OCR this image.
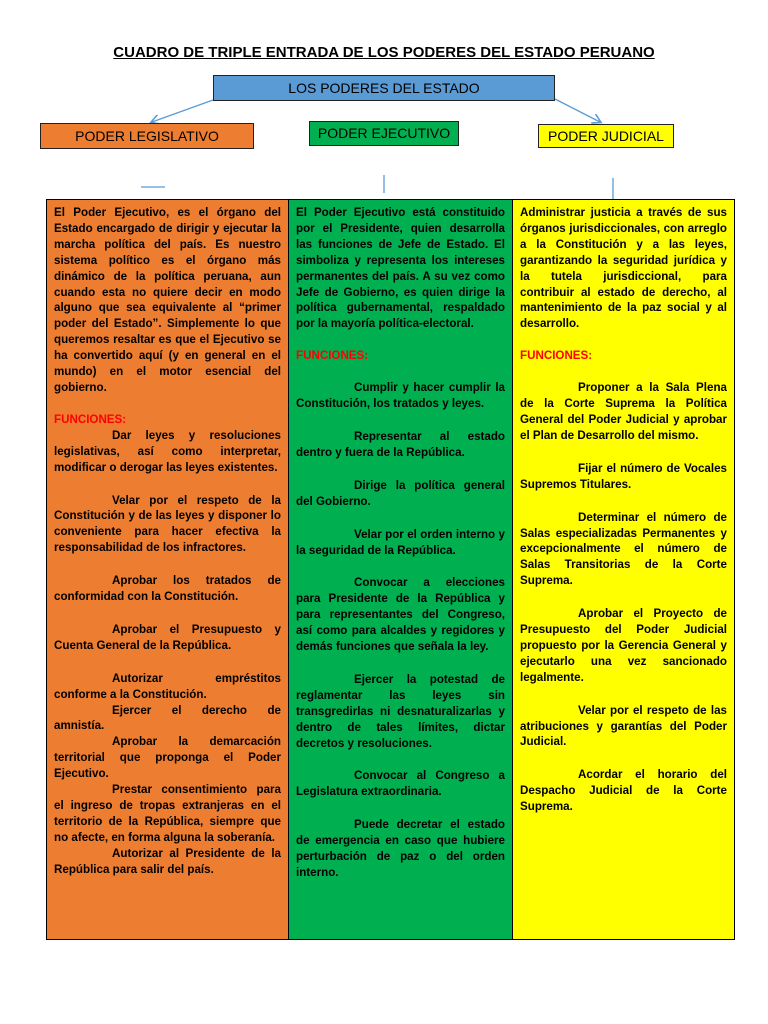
CUADRO DE TRIPLE ENTRADA DE LOS PODERES DEL ESTADO PERUANO
LOS PODERES DEL ESTADO
PODER LEGISLATIVO	PODER EJECUTIVO	PODER JUDICIAL

El Poder Ejecutivo, es el órgano del Estado encargado de dirigir y ejecutar la marcha política del país. Es nuestro sistema político es el órgano más dinámico de la política peruana, aun cuando esta no quiere decir en modo alguno que sea equivalente al “primer poder del Estado”. Simplemente lo que queremos resaltar es que el Ejecutivo se ha convertido aquí (y en general en el mundo) en el motor esencial del gobierno.

FUNCIONES:

Dar leyes y resoluciones legislativas, así como interpretar, modificar o derogar las leyes existentes.
Velar por el respeto de la Constitución y de las leyes y disponer lo conveniente para hacer efectiva la responsabilidad de los infractores.
Aprobar los tratados de conformidad con la Constitución.
Aprobar el Presupuesto y Cuenta General de la República.
Autorizar empréstitos conforme a la Constitución.
Ejercer el derecho de amnistía.
Aprobar la demarcación territorial que proponga el Poder Ejecutivo.
Prestar consentimiento para el ingreso de tropas extranjeras en el territorio de la República, siempre que no afecte, en forma alguna la soberanía.
Autorizar al Presidente de la República para salir del país.

El Poder Ejecutivo está constituido por el Presidente, quien desarrolla las funciones de Jefe de Estado. El simboliza y representa los intereses permanentes del país. A su vez como Jefe de Gobierno, es quien dirige la política gubernamental, respaldado por la mayoría política-electoral.

FUNCIONES:

Cumplir y hacer cumplir la Constitución, los tratados y leyes.
Representar al estado dentro y fuera de la República.
Dirige la política general del Gobierno.
Velar por el orden interno y la seguridad de la República.
Convocar a elecciones para Presidente de la República y para representantes del Congreso, así como para alcaldes y regidores y demás funciones que señala la ley.
Ejercer la potestad de reglamentar las leyes sin transgredirlas ni desnaturalizarlas y dentro de tales límites, dictar decretos y resoluciones.
Convocar al Congreso a Legislatura extraordinaria.
Puede decretar el estado de emergencia en caso que hubiere perturbación de paz o del orden interno.

Administrar justicia a través de sus órganos jurisdiccionales, con arreglo a la Constitución y a las leyes, garantizando la seguridad jurídica y la tutela jurisdiccional, para contribuir al estado de derecho, al mantenimiento de la paz social y al desarrollo.

FUNCIONES:

Proponer a la Sala Plena de la Corte Suprema la Política General del Poder Judicial y aprobar el Plan de Desarrollo del mismo.
Fijar el número de Vocales Supremos Titulares.
Determinar el número de Salas especializadas Permanentes y excepcionalmente el número de Salas Transitorias de la Corte Suprema.
Aprobar el Proyecto de Presupuesto del Poder Judicial propuesto por la Gerencia General y ejecutarlo una vez sancionado legalmente.
Velar por el respeto de las atribuciones y garantías del Poder Judicial.
Acordar el horario del Despacho Judicial de la Corte Suprema.
